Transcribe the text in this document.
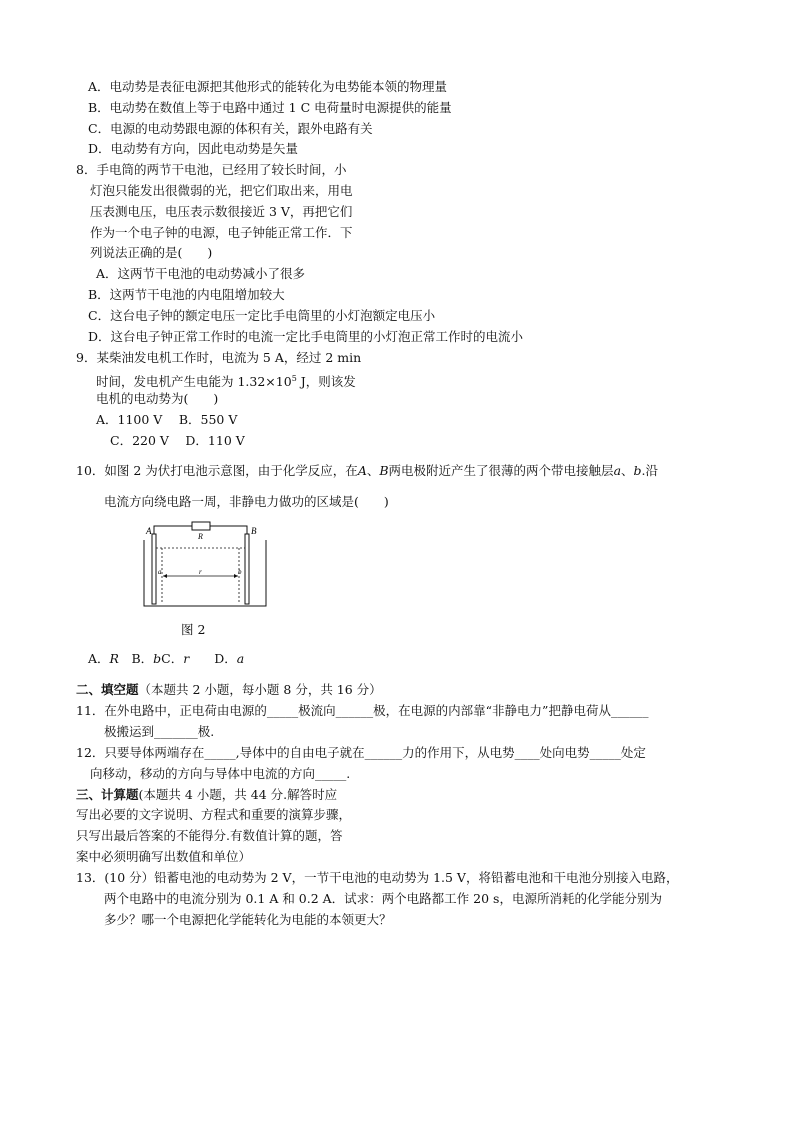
A．电动势是表征电源把其他形式的能转化为电势能本领的物理量
B．电动势在数值上等于电路中通过 1 C 电荷量时电源提供的能量
C．电源的电动势跟电源的体积有关，跟外电路有关
D．电动势有方向，因此电动势是矢量
8．手电筒的两节干电池，已经用了较长时间，小
灯泡只能发出很微弱的光，把它们取出来，用电
压表测电压，电压表示数很接近 3 V，再把它们
作为一个电子钟的电源，电子钟能正常工作．下
列说法正确的是(　　)
A．这两节干电池的电动势减小了很多
B．这两节干电池的内电阻增加较大
C．这台电子钟的额定电压一定比手电筒里的小灯泡额定电压小
D．这台电子钟正常工作时的电流一定比手电筒里的小灯泡正常工作时的电流小
9．某柴油发电机工作时，电流为 5 A，经过 2 min
时间，发电机产生电能为 $1.32\times 10^5$ J，则该发
电机的电动势为(　　)
A．1100 V　 B．550 V
C．220 V　 D．110 V
10．如图 2 为伏打电池示意图，由于化学反应，在A、B两电极附近产生了很薄的两个带电接触层a、b.沿
电流方向绕电路一周，非静电力做功的区域是(　　)
A	B
R
a	b
r
图 2
A．R　B．bC．r　　D．a
二、填空题（本题共 2 小题，每小题 8 分，共 16 分）
11．在外电路中，正电荷由电源的_____极流向______极，在电源的内部靠“非静电力”把静电荷从______
极搬运到_______极.
12．只要导体两端存在_____,导体中的自由电子就在______力的作用下，从电势____处向电势_____处定
向移动，移动的方向与导体中电流的方向_____.
三、计算题(本题共 4 小题，共 44 分.解答时应
写出必要的文字说明、方程式和重要的演算步骤，
只写出最后答案的不能得分.有数值计算的题，答
案中必须明确写出数值和单位）
13．(10 分）铅蓄电池的电动势为 2 V，一节干电池的电动势为 1.5 V，将铅蓄电池和干电池分别接入电路，
两个电路中的电流分别为 0.1 A 和 0.2 A．试求：两个电路都工作 20 s，电源所消耗的化学能分别为
多少？哪一个电源把化学能转化为电能的本领更大？
